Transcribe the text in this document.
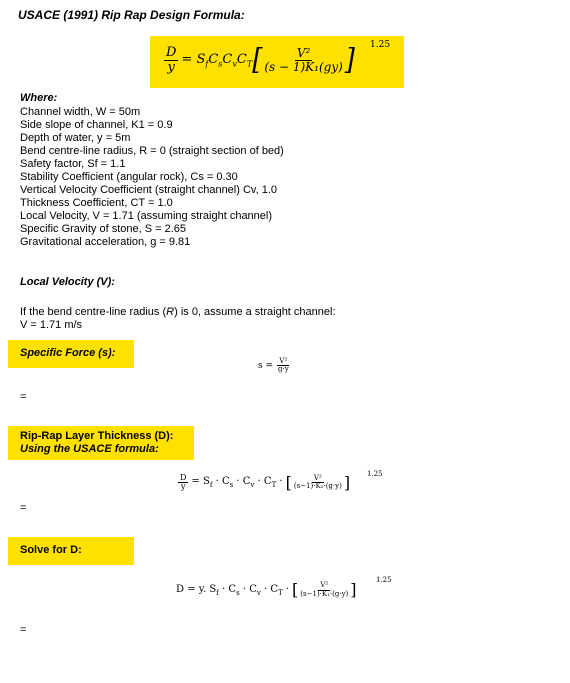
USACE (1991) Rip Rap Design Formula:
$\frac{D}{y} = S_fC_sC_vC_T$ [ $\frac{\text{V²}}{\text{(s − 1)K₁(gy)}}$ ] 1.25
Where:
Channel width, W = 50m
Side slope of channel, K1 = 0.9
Depth of water, y = 5m
Bend centre-line radius, R = 0 (straight section of bed)
Safety factor, Sf = 1.1
Stability Coefficient (angular rock), Cs = 0.30
Vertical Velocity Coefficient (straight channel) Cv, 1.0
Thickness Coefficient, CT = 1.0
Local Velocity, V = 1.71 (assuming straight channel)
Specific Gravity of stone, S = 2.65
Gravitational acceleration, g = 9.81
Local Velocity (V):
If the bend centre-line radius (R) is 0, assume a straight channel:
V = 1.71 m/s
Specific Force (s):
$s = \frac{\text{V²}}{g\cdot y}$
=
Rip-Rap Layer Thickness (D):
Using the USACE formula:
$\frac{D}{y} = S_f \cdot C_s \cdot C_v \cdot C_T$ · [ $\frac{\text{V²}}{\text{(s−1)·K₁·(g·y)}}$ ] 1.25
=
Solve for D:
D = y. $S_f \cdot C_s \cdot C_v \cdot C_T$ · [ $\frac{\text{V²}}{\text{(s−1)·K₁·(g·y)}}$ ]	1.25
=
